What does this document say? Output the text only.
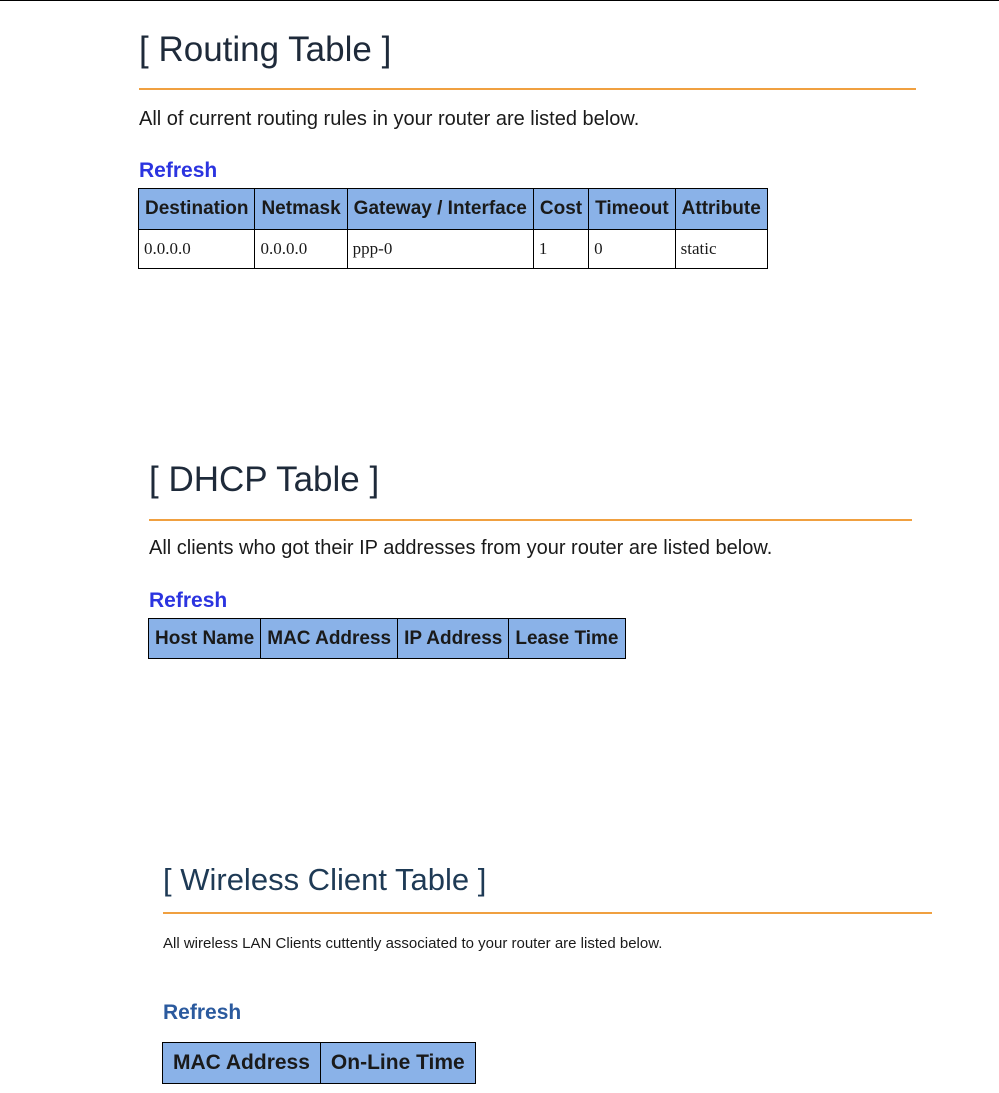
[ Routing Table ]

All of current routing rules in your router are listed below.

Refresh
Destination	Netmask	Gateway / Interface	Cost	Timeout	Attribute
0.0.0.0	0.0.0.0	ppp-0	1	0	static
[ DHCP Table ]

All clients who got their IP addresses from your router are listed below.

Refresh
Host Name	MAC Address	IP Address	Lease Time
[ Wireless Client Table ]

All wireless LAN Clients cuttently associated to your router are listed below.

Refresh
MAC Address	On-Line Time
